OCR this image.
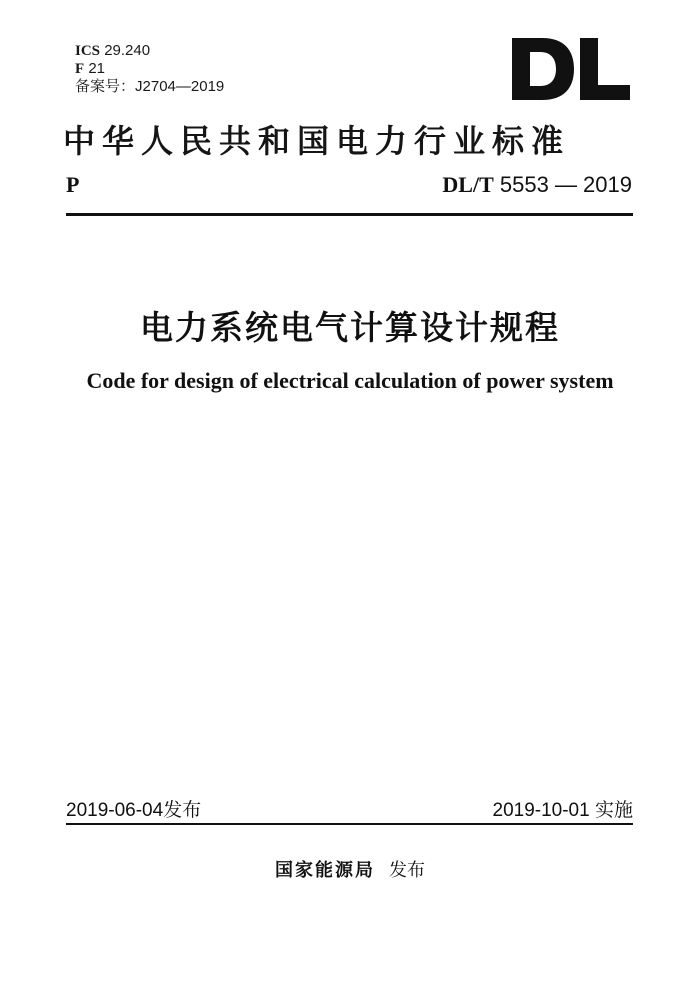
ICS 29.240
F 21
备案号：J2704—2019
中华人民共和国电力行业标准
P	DL/T 5553 — 2019
电力系统电气计算设计规程
Code for design of electrical calculation of power system
2019-06-04发布	2019-10-01 实施
国家能源局 发布
